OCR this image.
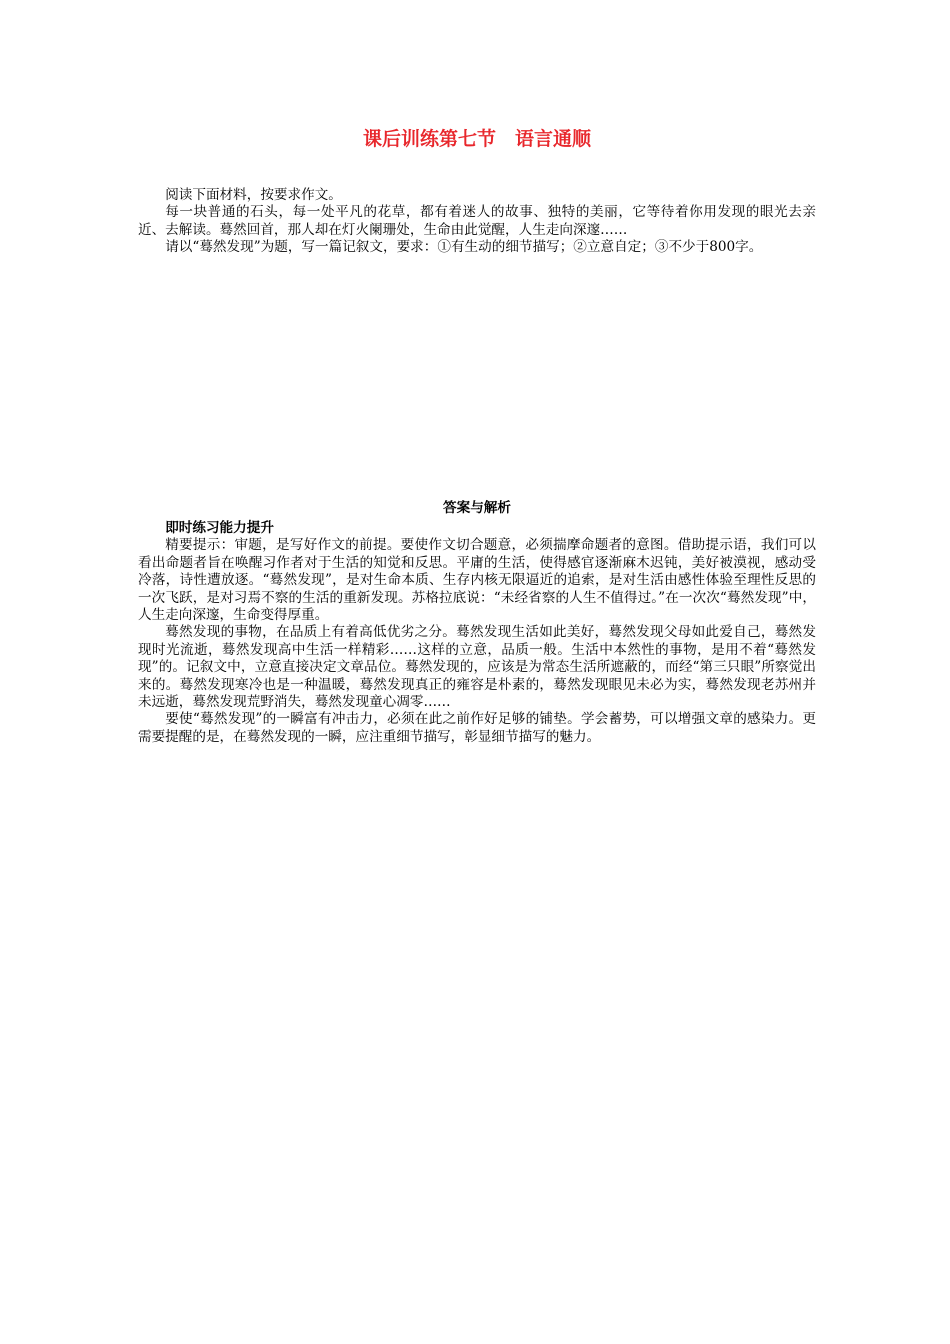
课后训练第七节　语言通顺

阅读下面材料，按要求作文。

每一块普通的石头，每一处平凡的花草，都有着迷人的故事、独特的美丽，它等待着你用发现的眼光去亲近、去解读。蓦然回首，那人却在灯火阑珊处，生命由此觉醒，人生走向深邃……

请以“蓦然发现”为题，写一篇记叙文，要求：①有生动的细节描写；②立意自定；③不少于800字。

答案与解析
即时练习能力提升

精要提示：审题，是写好作文的前提。要使作文切合题意，必须揣摩命题者的意图。借助提示语，我们可以看出命题者旨在唤醒习作者对于生活的知觉和反思。平庸的生活，使得感官逐渐麻木迟钝，美好被漠视，感动受冷落，诗性遭放逐。“蓦然发现”，是对生命本质、生存内核无限逼近的追索，是对生活由感性体验至理性反思的一次飞跃，是对习焉不察的生活的重新发现。苏格拉底说：“未经省察的人生不值得过。”在一次次“蓦然发现”中，人生走向深邃，生命变得厚重。

蓦然发现的事物，在品质上有着高低优劣之分。蓦然发现生活如此美好，蓦然发现父母如此爱自己，蓦然发现时光流逝，蓦然发现高中生活一样精彩……这样的立意，品质一般。生活中本然性的事物，是用不着“蓦然发现”的。记叙文中，立意直接决定文章品位。蓦然发现的，应该是为常态生活所遮蔽的，而经“第三只眼”所察觉出来的。蓦然发现寒冷也是一种温暖，蓦然发现真正的雍容是朴素的，蓦然发现眼见未必为实，蓦然发现老苏州并未远逝，蓦然发现荒野消失，蓦然发现童心凋零……

要使“蓦然发现”的一瞬富有冲击力，必须在此之前作好足够的铺垫。学会蓄势，可以增强文章的感染力。更需要提醒的是，在蓦然发现的一瞬，应注重细节描写，彰显细节描写的魅力。
